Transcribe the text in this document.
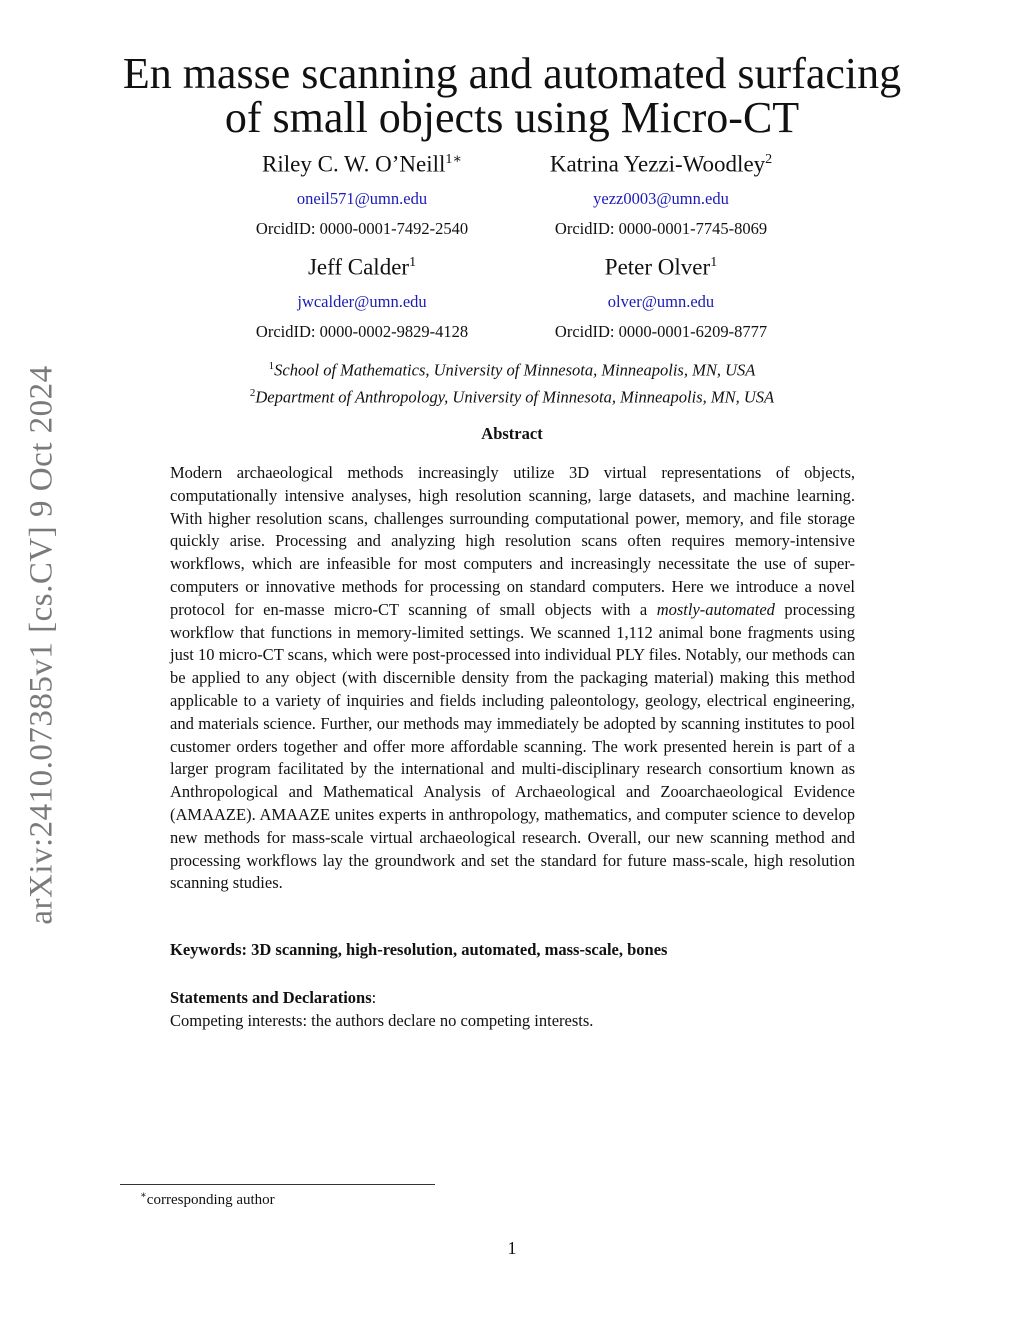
arXiv:2410.07385v1 [cs.CV] 9 Oct 2024
En masse scanning and automated surfacing
of small objects using Micro-CT
Riley C. W. O’Neill$^{1∗}$
oneil571@umn.edu
OrcidID: 0000-0001-7492-2540
Katrina Yezzi-Woodley$^2$
yezz0003@umn.edu
OrcidID: 0000-0001-7745-8069
Jeff Calder$^1$
jwcalder@umn.edu
OrcidID: 0000-0002-9829-4128
Peter Olver$^1$
olver@umn.edu
OrcidID: 0000-0001-6209-8777
$^1$School of Mathematics, University of Minnesota, Minneapolis, MN, USA
$^2$Department of Anthropology, University of Minnesota, Minneapolis, MN, USA
Abstract

Modern archaeological methods increasingly utilize 3D virtual representations of objects, computationally intensive analyses, high resolution scanning, large datasets, and machine learning. With higher resolution scans, challenges surrounding computational power, memory, and file storage quickly arise. Processing and analyzing high resolution scans often requires memory-intensive workflows, which are infeasible for most computers and increasingly necessitate the use of super-computers or innovative methods for processing on standard computers. Here we introduce a novel protocol for en-masse micro-CT scanning of small objects with a mostly-automated processing workflow that functions in memory-limited settings. We scanned 1,112 animal bone fragments using just 10 micro-CT scans, which were post-processed into individual PLY files. Notably, our methods can be applied to any object (with discernible density from the packaging material) making this method applicable to a variety of inquiries and fields including paleontology, geology, electrical engineering, and materials science. Further, our methods may immediately be adopted by scanning institutes to pool customer orders together and offer more affordable scanning. The work presented herein is part of a larger program facilitated by the international and multi-disciplinary research consortium known as Anthropological and Mathematical Analysis of Archaeological and Zooarchaeological Evidence (AMAAZE). AMAAZE unites experts in anthropology, mathematics, and computer science to develop new methods for mass-scale virtual archaeological research. Overall, our new scanning method and processing workflows lay the groundwork and set the standard for future mass-scale, high resolution scanning studies.

Keywords: 3D scanning, high-resolution, automated, mass-scale, bones
Statements and Declarations:
Competing interests: the authors declare no competing interests.
∗corresponding author
1
